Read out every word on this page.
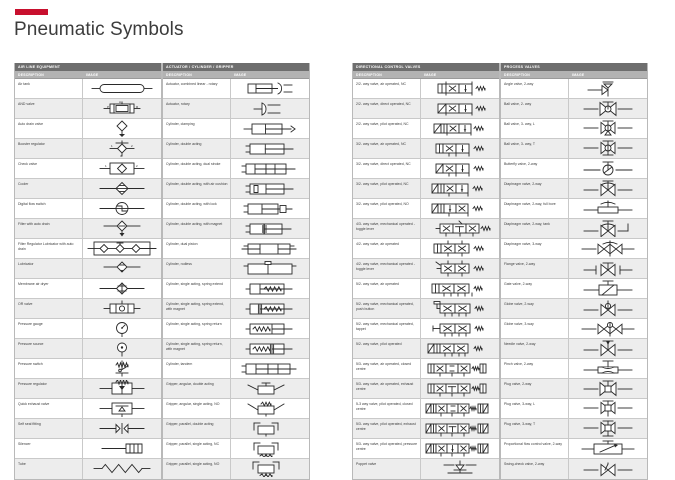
Pneumatic Symbols
AIR LINE EQUIPMENT
DESCRIPTION	IMAGE
Air tank
AND valve	A
P	R
Auto drain valve
Booster regulator
1	2
3
Check valve
1	2
Cooler
Digital flow switch
Filter with auto drain
Filter Regulator Lubricator with auto drain
Lubricator
Membrane air dryer
OR valve
Pressure gauge
Pressure source
Pressure switch
Pressure regulator
Quick exhaust valve
Self seal fitting
Silencer
Tube
ACTUATOR / CYLINDER / GRIPPER
DESCRIPTION	IMAGE
Actuator, combined linear - rotary
Actuator, rotary
Cylinder, clamping
Cylinder, double acting
Cylinder, double acting, dual stroke
Cylinder, double acting, with air cushion
Cylinder, double acting, with lock
Cylinder, double acting, with magnet
Cylinder, dual piston
Cylinder, rodless
Cylinder, single acting, spring extend
Cylinder, single acting, spring extend, with magnet
Cylinder, single acting, spring return
Cylinder, single acting, spring return, with magnet
Cylinder, tandem
Gripper, angular, double acting
Gripper, angular, single acting, NO
Gripper, parallel, double acting
Gripper, parallel, single acting, NC
Gripper, parallel, single acting, NO
DIRECTIONAL CONTROL VALVES
DESCRIPTION	IMAGE
2/2- way valve, air operated, NC
2/2- way valve, direct operated, NC
2/2- way valve, pilot operated, NC
3/2- way valve, air operated, NC
3/2- way valve, direct operated, NC
3/2- way valve, pilot operated, NC
3/2- way valve, pilot operated, NO
4/3- way valve, mechanical operated - toggle lever
4/2- way valve, air operated
4/2- way valve, mechanical operated - toggle lever
5/2- way valve, air operated
5/2- way valve, mechanical operated, push button
5/2- way valve, mechanical operated, tappet
5/2- way valve, pilot operated
5/3- way valve, air operated, closed centre
5/3- way valve, air operated, exhaust centre
5-3 way valve, pilot operated, closed centre
5/3- way valve, pilot operated, exhaust centre
5/3- way valve, pilot operated, pressure centre
Poppet valve
PROCESS VALVES
DESCRIPTION	IMAGE
Angle valve, 2-way
Ball valve, 2- way
Ball valve, 3- way, L
Ball valve, 3- way, T
Butterfly valve, 2-way
Diaphragm valve, 2-way
Diaphragm valve, 2-way, full bore
Diaphragm valve, 2-way, tank
Diaphragm valve, 3-way
Flange valve, 2-way
Gate valve, 2-way
Globe valve, 2-way
Globe valve, 3-way
Needle valve, 2-way
Pinch valve, 2-way
Plug valve, 2-way
Plug valve, 3-way, L
Plug valve, 3-way, T
Proportional flow control valve, 2-way
Swing-check valve, 2-way
